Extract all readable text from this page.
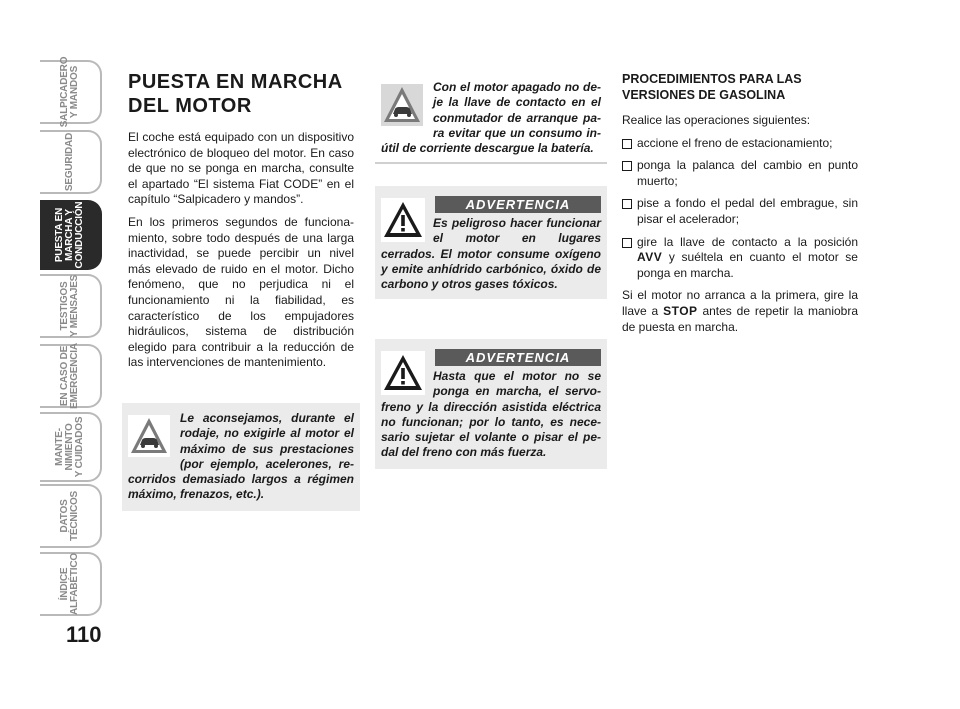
SALPICADERO
Y MANDOS
SEGURIDAD
PUESTA EN
MARCHA Y
CONDUCCIÓN
TESTIGOS
Y MENSAJES
EN CASO DE
EMERGENCIA
MANTE-
NIMIENTO
Y CUIDADOS
DATOS
TÉCNICOS
ÍNDICE
ALFABÉTICO
110
PUESTA EN MARCHA
DEL MOTOR

El coche está equipado con un dispositivo electrónico de bloqueo del motor. En caso de que no se ponga en marcha, consulte el apartado “El sistema Fiat CODE” en el capítulo “Salpicadero y mandos”.

En los primeros segundos de funcionamiento, sobre todo después de una larga inactividad, se puede percibir un nivel más elevado de ruido en el motor. Dicho fenómeno, que no perjudica ni el funcionamiento ni la fiabilidad, es característico de los empujadores hidráulicos, sistema de distribución elegido para contribuir a la reducción de las intervenciones de mantenimiento.

Le aconsejamos, durante el rodaje, no exigirle al motor el máximo de sus prestaciones (por ejemplo, acelerones, recorridos demasiado largos a régimen máximo, frenazos, etc.).

Con el motor apagado no deje la llave de contacto en el conmutador de arranque para evitar que un consumo inútil de corriente descargue la batería.

ADVERTENCIA

Es peligroso hacer funcionar el motor en lugares cerrados. El motor consume oxígeno y emite anhídrido carbónico, óxido de carbono y otros gases tóxicos.

ADVERTENCIA

Hasta que el motor no se ponga en marcha, el servofreno y la dirección asistida eléctrica no funcionan; por lo tanto, es necesario sujetar el volante o pisar el pedal del freno con más fuerza.

PROCEDIMIENTOS PARA LAS VERSIONES DE GASOLINA

Realice las operaciones siguientes:

accione el freno de estacionamiento;
ponga la palanca del cambio en punto muerto;
pise a fondo el pedal del embrague, sin pisar el acelerador;
gire la llave de contacto a la posición AVV y suéltela en cuanto el motor se ponga en marcha.

Si el motor no arranca a la primera, gire la llave a STOP antes de repetir la maniobra de puesta en marcha.
